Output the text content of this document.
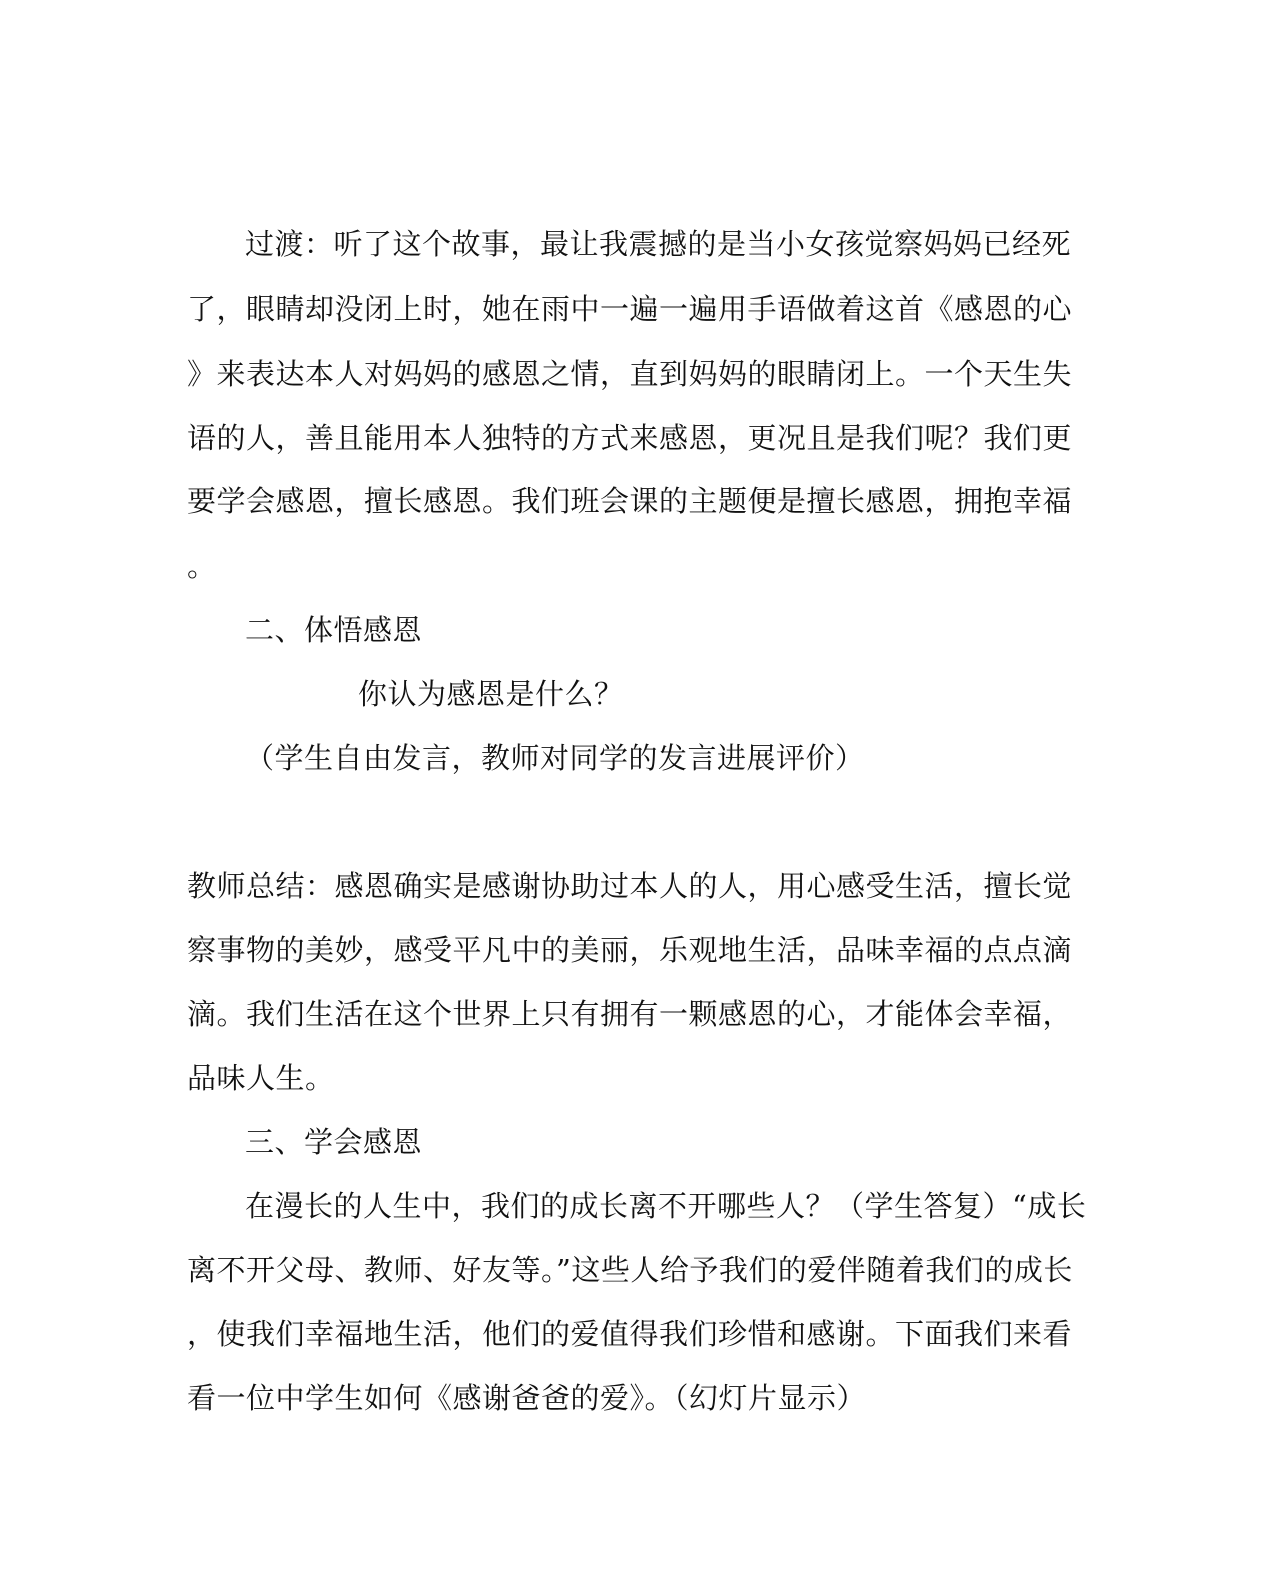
过渡：听了这个故事，最让我震撼的是当小女孩觉察妈妈已经死

了，眼睛却没闭上时，她在雨中一遍一遍用手语做着这首《感恩的心

》来表达本人对妈妈的感恩之情，直到妈妈的眼睛闭上。一个天生失

语的人，善且能用本人独特的方式来感恩，更况且是我们呢？我们更

要学会感恩，擅长感恩。我们班会课的主题便是擅长感恩，拥抱幸福

。

二、体悟感恩

你认为感恩是什么？

（学生自由发言，教师对同学的发言进展评价）

教师总结：感恩确实是感谢协助过本人的人，用心感受生活，擅长觉

察事物的美妙，感受平凡中的美丽，乐观地生活，品味幸福的点点滴

滴。我们生活在这个世界上只有拥有一颗感恩的心，才能体会幸福，

品味人生。

三、学会感恩

在漫长的人生中，我们的成长离不开哪些人？（学生答复）“成长

离不开父母、教师、好友等。”这些人给予我们的爱伴随着我们的成长

，使我们幸福地生活，他们的爱值得我们珍惜和感谢。下面我们来看

看一位中学生如何《感谢爸爸的爱》。（幻灯片显示）
